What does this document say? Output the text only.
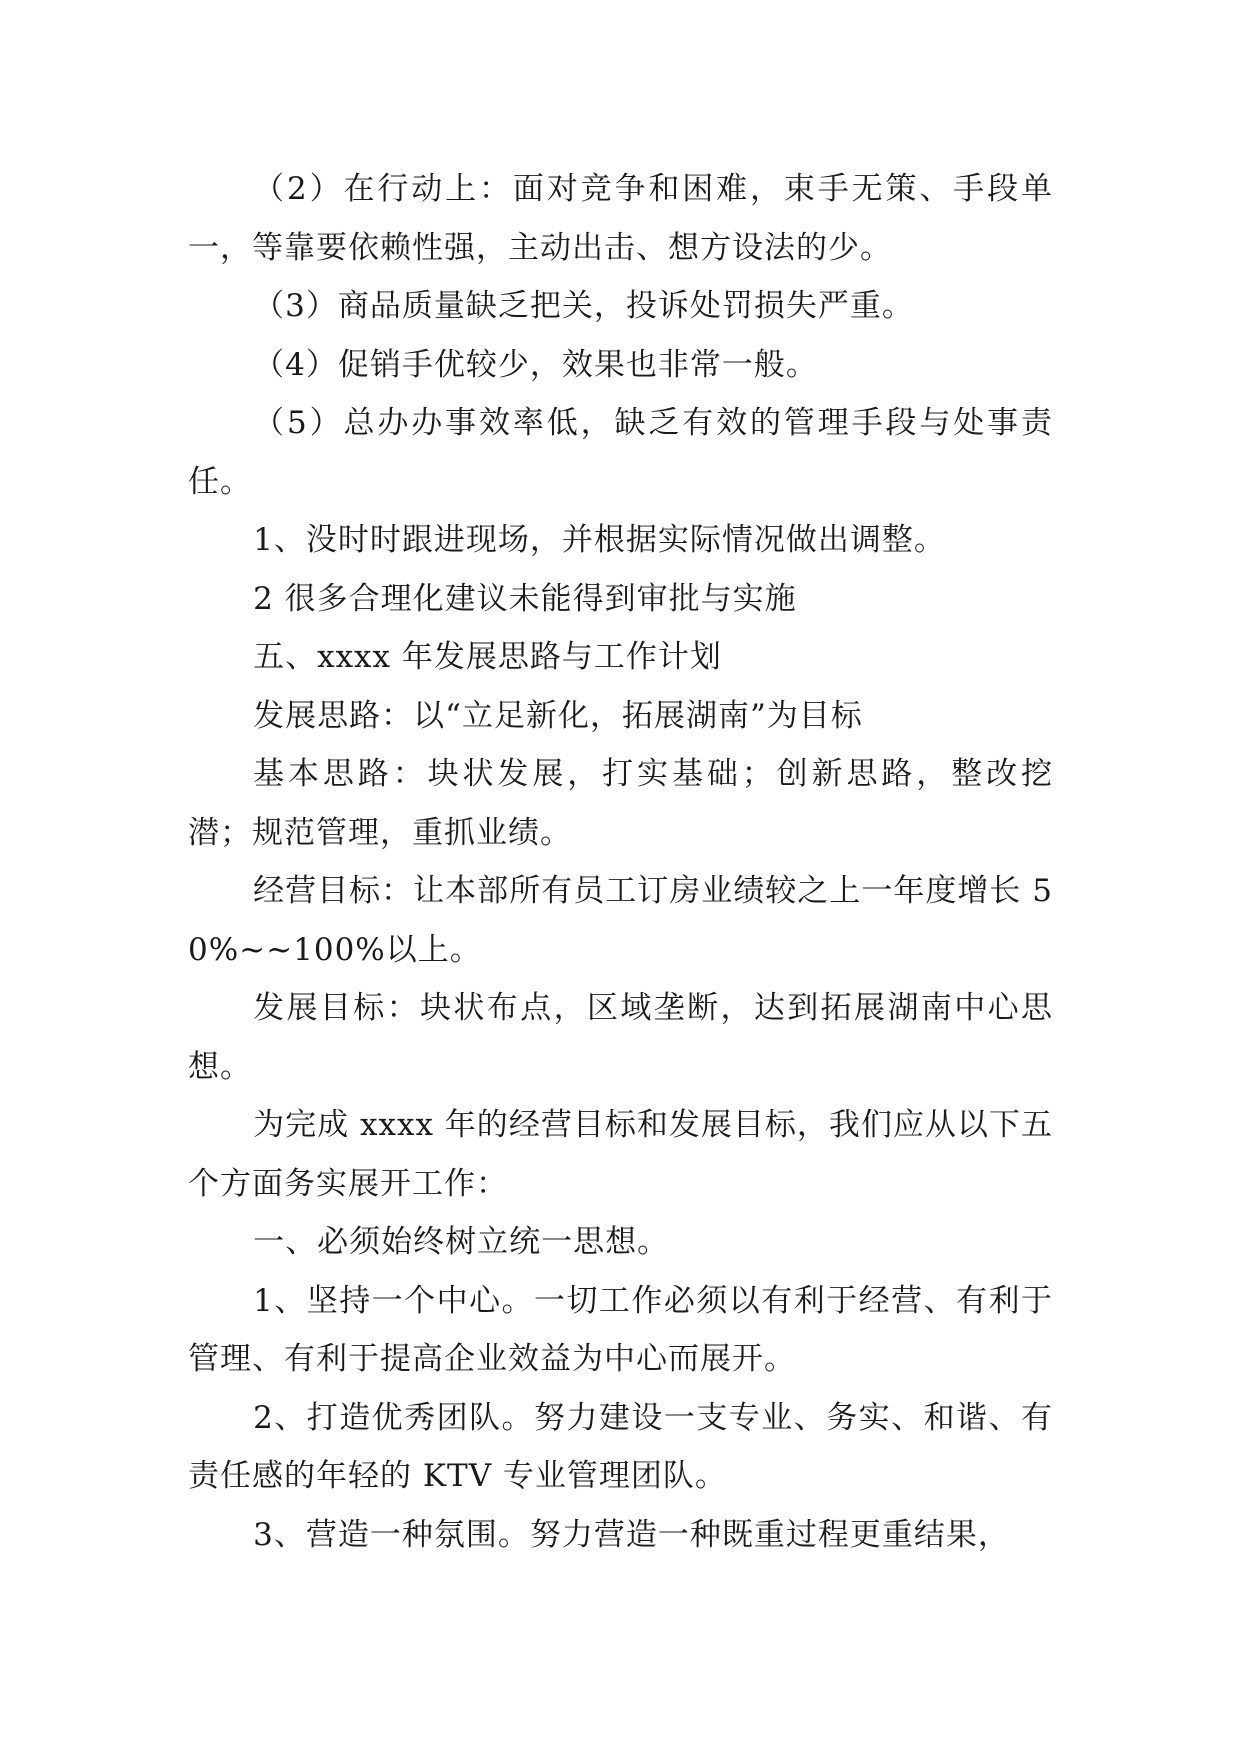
（2）在行动上：面对竞争和困难，束手无策、手段单一，等靠要依赖性强，主动出击、想方设法的少。

（3）商品质量缺乏把关，投诉处罚损失严重。

（4）促销手优较少，效果也非常一般。

（5）总办办事效率低，缺乏有效的管理手段与处事责任。

1、没时时跟进现场，并根据实际情况做出调整。

2 很多合理化建议未能得到审批与实施

五、xxxx 年发展思路与工作计划

发展思路：以“立足新化，拓展湖南”为目标

基本思路：块状发展，打实基础；创新思路，整改挖潜；规范管理，重抓业绩。

经营目标：让本部所有员工订房业绩较之上一年度增长 50%~~100%以上。

发展目标：块状布点，区域垄断，达到拓展湖南中心思想。

为完成 xxxx 年的经营目标和发展目标，我们应从以下五个方面务实展开工作：

一、必须始终树立统一思想。

1、坚持一个中心。一切工作必须以有利于经营、有利于管理、有利于提高企业效益为中心而展开。

2、打造优秀团队。努力建设一支专业、务实、和谐、有责任感的年轻的 KTV 专业管理团队。

3、营造一种氛围。努力营造一种既重过程更重结果，
